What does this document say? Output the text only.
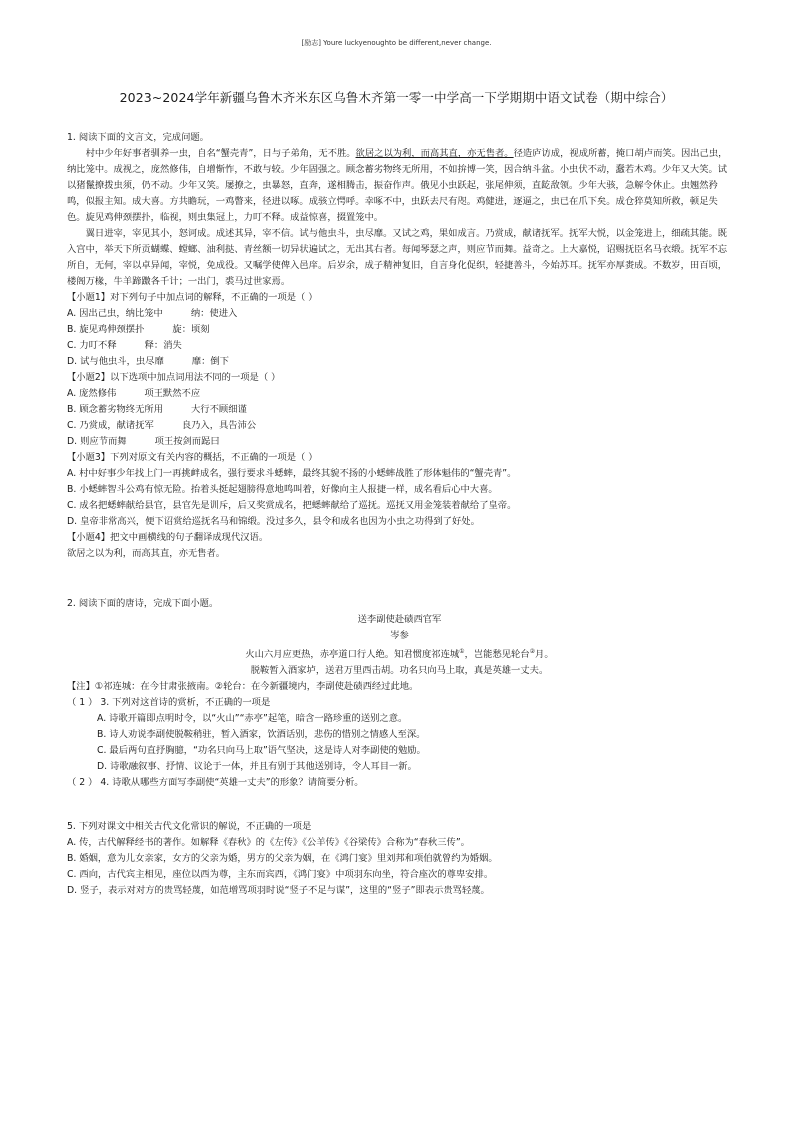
[励志] Youre luckyenoughto be different,never change.
2023~2024学年新疆乌鲁木齐米东区乌鲁木齐第一零一中学高一下学期期中语文试卷（期中综合）

1. 阅读下面的文言文，完成问题。

村中少年好事者驯养一虫，自名“蟹壳青”，日与子弟角，无不胜。欲居之以为利，而高其直，亦无售者。径造庐访成，视成所蓄，掩口胡卢而笑。因出己虫，纳比笼中。成视之，庞然修伟，自增惭怍，不敢与较。少年固强之。顾念蓄劣物终无所用，不如拚博一笑，因合纳斗盆。小虫伏不动，蠢若木鸡。少年又大笑。试以猪鬣撩拨虫须，仍不动。少年又笑。屡撩之，虫暴怒，直奔，遂相腾击，振奋作声。俄见小虫跃起，张尾伸须，直龁敌领。少年大骇，急解令休止。虫翘然矜鸣，似报主知。成大喜。方共瞻玩，一鸡瞥来，径进以啄。成骇立愕呼。幸啄不中，虫跃去尺有咫。鸡健进，逐逼之，虫已在爪下矣。成仓猝莫知所救，顿足失色。旋见鸡伸颈摆扑，临视，则虫集冠上，力叮不释。成益惊喜，掇置笼中。

翼日进宰，宰见其小，怒诃成。成述其异，宰不信。试与他虫斗，虫尽靡。又试之鸡，果如成言。乃赏成，献诸抚军。抚军大悦，以金笼进上，细疏其能。既入宫中，举天下所贡蝴蝶、螳螂、油利挞、青丝额一切异状遍试之，无出其右者。每闻琴瑟之声，则应节而舞。益奇之。上大嘉悦，诏赐抚臣名马衣缎。抚军不忘所自，无何，宰以卓异闻，宰悦，免成役。又嘱学使俾入邑庠。后岁余，成子精神复旧，自言身化促织，轻捷善斗，今始苏耳。抚军亦厚赉成。不数岁，田百顷，楼阁万椽，牛羊蹄躈各千计；一出门，裘马过世家焉。

【小题1】对下列句子中加点词的解释，不正确的一项是（ ）

A. 因出己虫，纳比笼中	纳：使进入

B. 旋见鸡伸颈摆扑	旋：顷刻

C. 力叮不释	释：消失

D. 试与他虫斗，虫尽靡	靡：倒下

【小题2】以下选项中加点词用法不同的一项是（ ）

A. 庞然修伟	项王默然不应

B. 顾念蓄劣物终无所用	大行不顾细谨

C. 乃赏成，献诸抚军	良乃入，具告沛公

D. 则应节而舞	项王按剑而跽曰

【小题3】下列对原文有关内容的概括，不正确的一项是（ ）

A. 村中好事少年找上门一再挑衅成名，强行要求斗蟋蟀，最终其貌不扬的小蟋蟀战胜了形体魁伟的“蟹壳青”。

B. 小蟋蟀智斗公鸡有惊无险。抬着头挺起翅膀得意地鸣叫着，好像向主人报捷一样，成名看后心中大喜。

C. 成名把蟋蟀献给县官，县官先是训斥，后又奖赏成名，把蟋蟀献给了巡抚。巡抚又用金笼装着献给了皇帝。

D. 皇帝非常高兴，便下诏赏给巡抚名马和锦缎。没过多久，县令和成名也因为小虫之功得到了好处。

【小题4】把文中画横线的句子翻译成现代汉语。

欲居之以为利，而高其直，亦无售者。

2. 阅读下面的唐诗，完成下面小题。

送李副使赴碛西官军

岑参

火山六月应更热，赤亭道口行人绝。知君惯度祁连城①，岂能愁见轮台②月。

脱鞍暂入酒家垆，送君万里西击胡。功名只向马上取，真是英雄一丈夫。

【注】①祁连城：在今甘肃张掖南。②轮台：在今新疆境内，李副使赴碛西经过此地。

（ 1 ） 3. 下列对这首诗的赏析，不正确的一项是

A. 诗歌开篇即点明时令，以“火山”“赤亭”起笔，暗含一路珍重的送别之意。

B. 诗人劝说李副使脱鞍稍驻，暂入酒家，饮酒话别，悲伤的惜别之情感人至深。

C. 最后两句直抒胸臆，“功名只向马上取”语气坚决，这是诗人对李副使的勉励。

D. 诗歌融叙事、抒情、议论于一体，并且有别于其他送别诗，令人耳目一新。

（ 2 ） 4. 诗歌从哪些方面写李副使“英雄一丈夫”的形象？请简要分析。

5. 下列对课文中相关古代文化常识的解说，不正确的一项是

A. 传，古代解释经书的著作。如解释《春秋》的《左传》《公羊传》《谷梁传》合称为“春秋三传”。

B. 婚姻，意为儿女亲家，女方的父亲为婚，男方的父亲为姻，在《鸿门宴》里刘邦和项伯就曾约为婚姻。

C. 西向，古代宾主相见，座位以西为尊，主东而宾西，《鸿门宴》中项羽东向坐，符合座次的尊卑安排。

D. 竖子，表示对对方的贵骂轻蔑，如范增骂项羽时说“竖子不足与谋”，这里的“竖子”即表示贵骂轻蔑。
